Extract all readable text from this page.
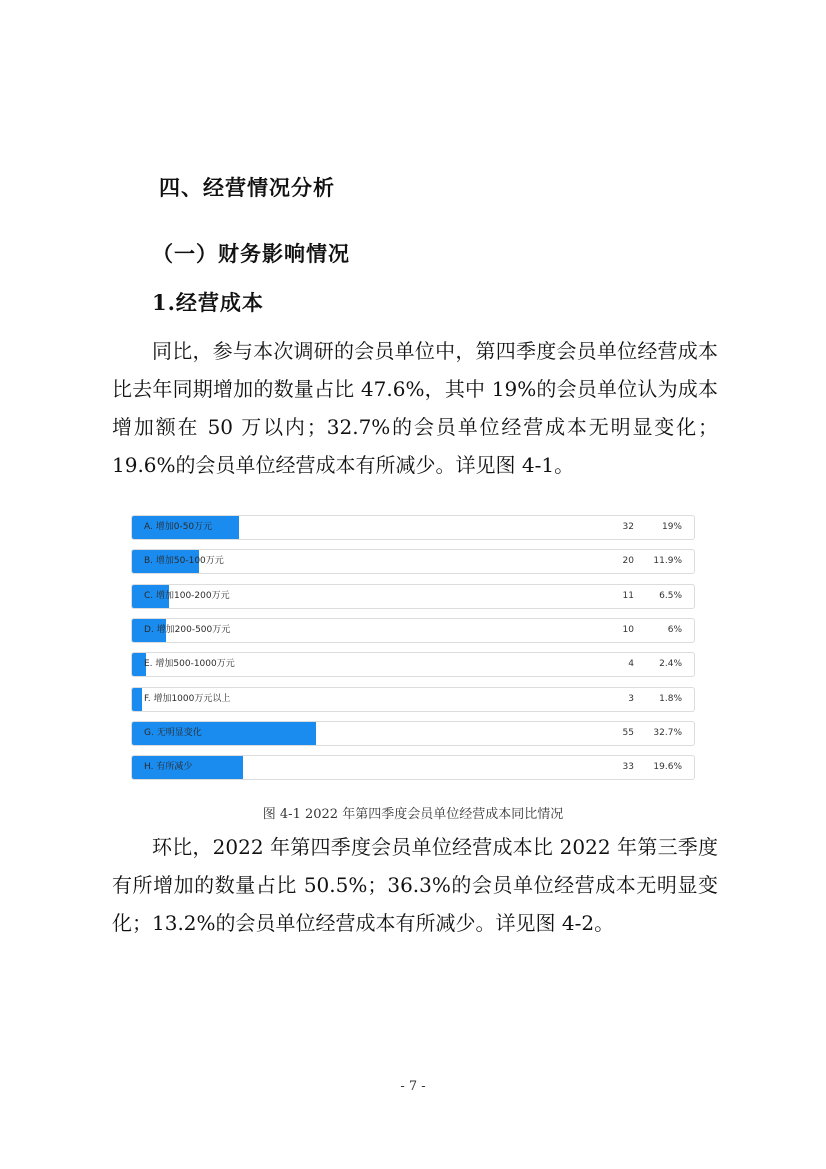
四、经营情况分析
（一）财务影响情况
1.经营成本

同比，参与本次调研的会员单位中，第四季度会员单位经营成本比去年同期增加的数量占比 47.6%，其中 19%的会员单位认为成本增加额在 50 万以内；32.7%的会员单位经营成本无明显变化；19.6%的会员单位经营成本有所减少。详见图 4-1。

A. 增加0-50万元	32	19%
B. 增加50-100万元	20 11.9%
C. 增加100-200万元	11	6.5%
D. 增加200-500万元	10	6%
E. 增加500-1000万元	4	2.4%
F. 增加1000万元以上	3	1.8%
G. 无明显变化	55 32.7%
H. 有所减少	33 19.6%
图 4-1 2022 年第四季度会员单位经营成本同比情况

环比，2022 年第四季度会员单位经营成本比 2022 年第三季度有所增加的数量占比 50.5%；36.3%的会员单位经营成本无明显变化；13.2%的会员单位经营成本有所减少。详见图 4-2。

- 7 -
